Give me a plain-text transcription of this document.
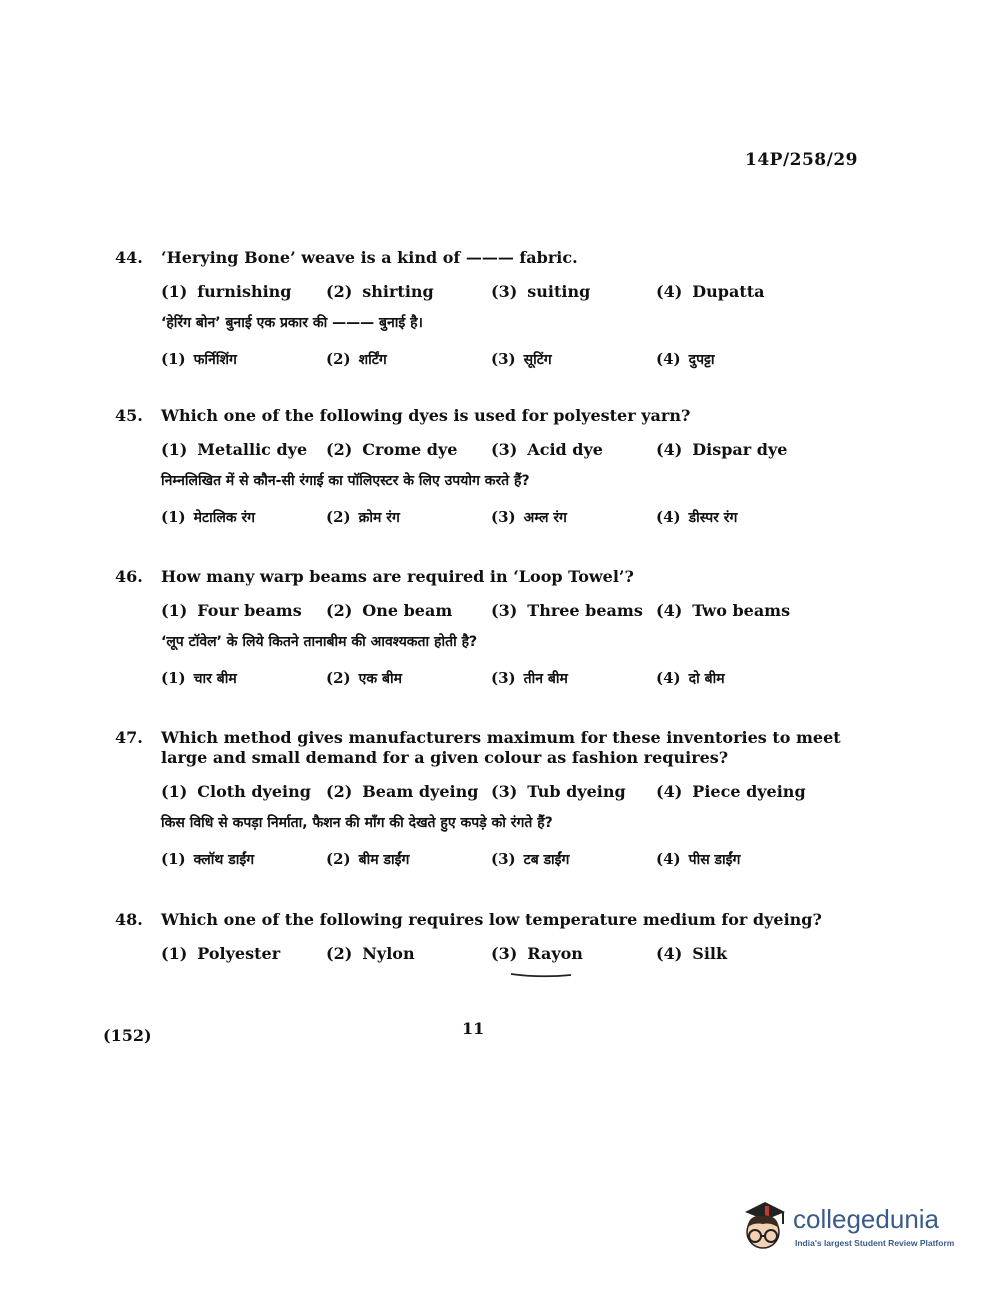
14P/258/29
44.	‘Herying Bone’ weave is a kind of ——— fabric.
(1) furnishing	(2) shirting	(3) suiting	(4) Dupatta
‘हेरिंग बोन’ बुनाई एक प्रकार की ——— बुनाई है।
(1) फर्निशिंग	(2) शर्टिंग	(3) सूटिंग	(4) दुपट्टा
45.	Which one of the following dyes is used for polyester yarn?
(1) Metallic dye	(2) Crome dye	(3) Acid dye	(4) Dispar dye
निम्नलिखित में से कौन-सी रंगाई का पॉलिएस्टर के लिए उपयोग करते हैं?
(1) मेटालिक रंग	(2) क्रोम रंग	(3) अम्ल रंग	(4) डीस्पर रंग
46.	How many warp beams are required in ‘Loop Towel’?
(1) Four beams	(2) One beam	(3) Three beams (4) Two beams
‘लूप टॉवेल’ के लिये कितने तानाबीम की आवश्यकता होती है?
(1) चार बीम	(2) एक बीम	(3) तीन बीम	(4) दो बीम
47.	Which method gives manufacturers maximum for these inventories to meet large and small demand for a given colour as fashion requires?
(1) Cloth dyeing (2) Beam dyeing (3) Tub dyeing	(4) Piece dyeing
किस विधि से कपड़ा निर्माता, फैशन की माँग की देखते हुए कपड़े को रंगते हैं?
(1) क्लॉथ डाईंग	(2) बीम डाईंग	(3) टब डाईंग	(4) पीस डाईंग
48.	Which one of the following requires low temperature medium for dyeing?
(1) Polyester	(2) Nylon	(3) Rayon	(4) Silk
(152)	11
collegedunia
India's largest Student Review Platform
